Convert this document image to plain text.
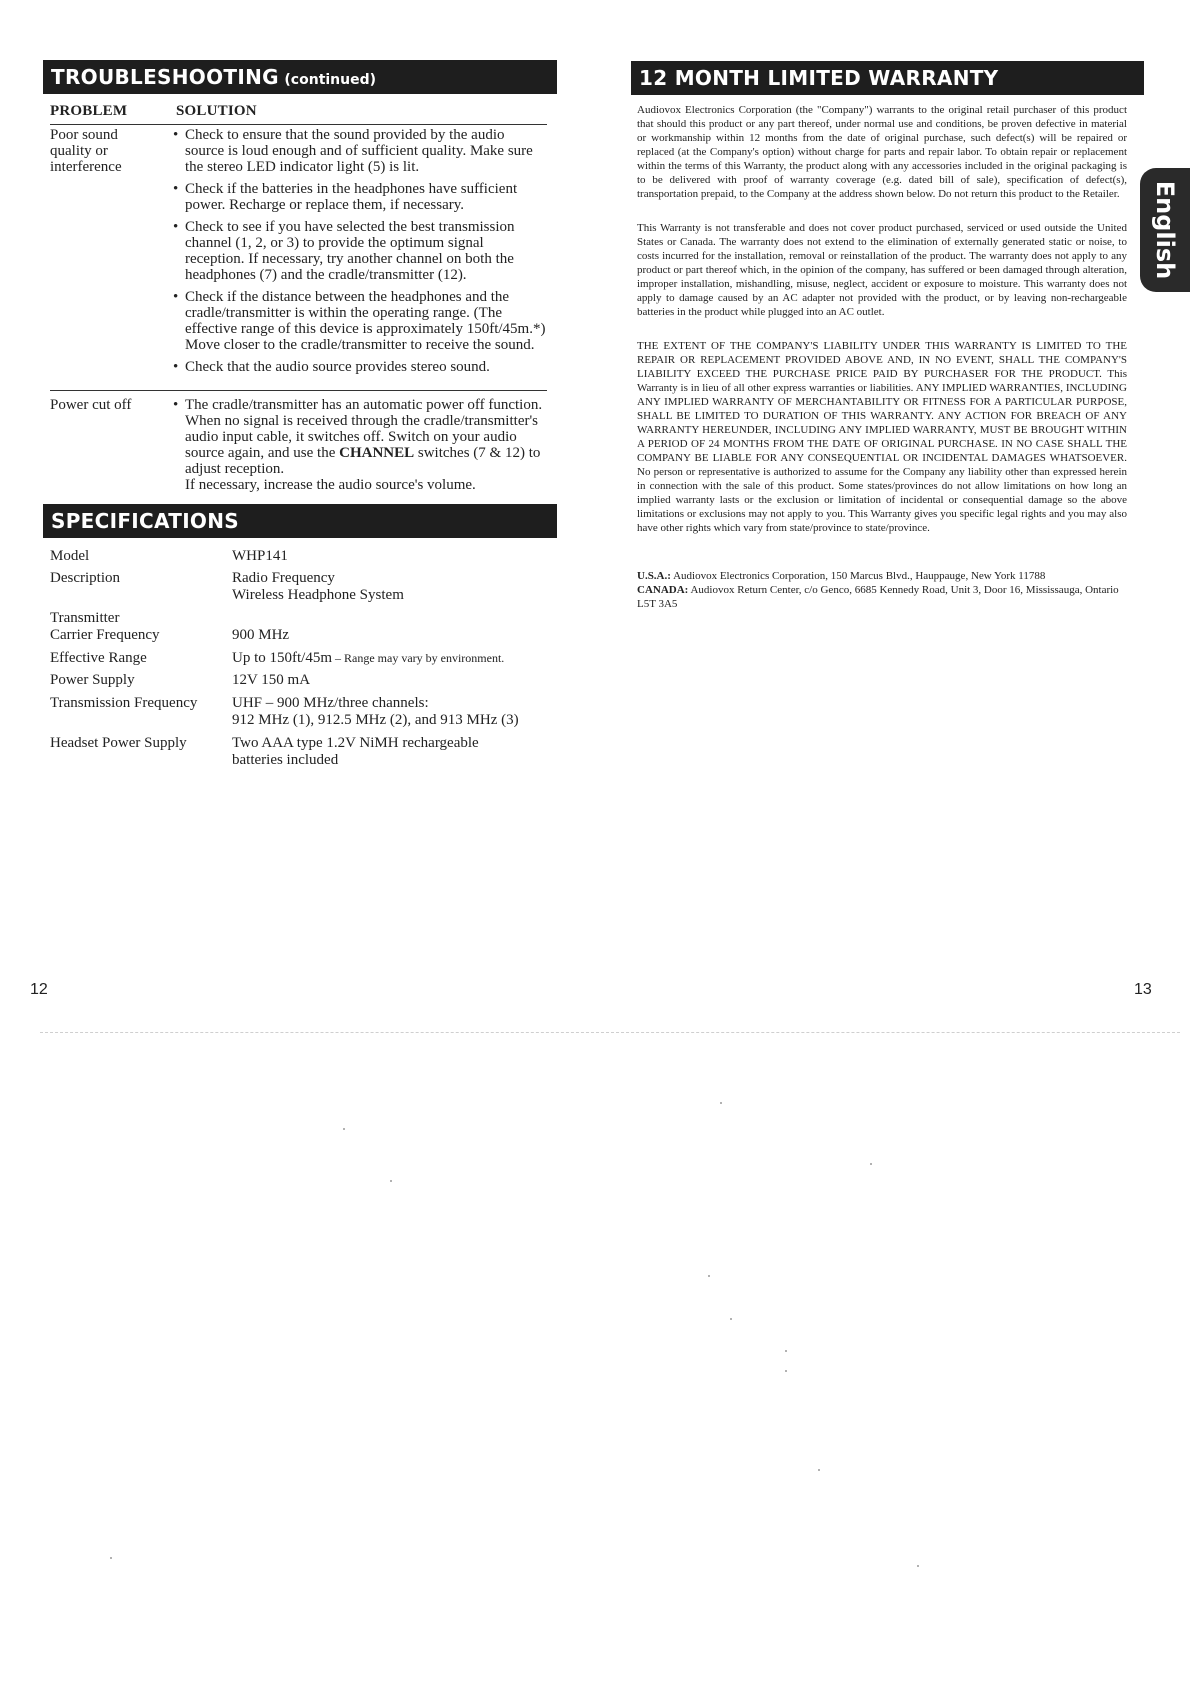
TROUBLESHOOTING (continued)
PROBLEM	SOLUTION
Poor sound
quality or
interference
• Check to ensure that the sound provided by the audio source is loud enough and of sufficient quality. Make sure the stereo LED indicator light (5) is lit.
• Check if the batteries in the headphones have sufficient power. Recharge or replace them, if necessary.
• Check to see if you have selected the best transmission channel (1, 2, or 3) to provide the optimum signal reception. If necessary, try another channel on both the headphones (7) and the cradle/transmitter (12).
• Check if the distance between the headphones and the cradle/transmitter is within the operating range. (The effective range of this device is approximately 150ft/45m.*) Move closer to the cradle/transmitter to receive the sound.
• Check that the audio source provides stereo sound.
Power cut off
•	The cradle/transmitter has an automatic power off function. When no signal is received through the cradle/transmitter's audio input cable, it switches off. Switch on your audio source again, and use the CHANNEL switches (7 & 12) to adjust reception.
If necessary, increase the audio source's volume.
SPECIFICATIONS
Model	WHP141
Description	Radio Frequency
Wireless Headphone System
Transmitter
Carrier Frequency	900 MHz
Effective Range	Up to 150ft/45m – Range may vary by environment.
Power Supply	12V 150 mA
Transmission Frequency	UHF – 900 MHz/three channels:
912 MHz (1), 912.5 MHz (2), and 913 MHz (3)
Headset Power Supply	Two AAA type 1.2V NiMH rechargeable
batteries included
12
12 MONTH LIMITED WARRANTY
Audiovox Electronics Corporation (the "Company") warrants to the original retail purchaser of this product that should this product or any part thereof, under normal use and conditions, be proven defective in material or workmanship within 12 months from the date of original purchase, such defect(s) will be repaired or replaced (at the Company's option) without charge for parts and repair labor. To obtain repair or replacement within the terms of this Warranty, the product along with any accessories included in the original packaging is to be delivered with proof of warranty coverage (e.g. dated bill of sale), specification of defect(s), transportation prepaid, to the Company at the address shown below. Do not return this product to the Retailer.
This Warranty is not transferable and does not cover product purchased, serviced or used outside the United States or Canada. The warranty does not extend to the elimination of externally generated static or noise, to costs incurred for the installation, removal or reinstallation of the product. The warranty does not apply to any product or part thereof which, in the opinion of the company, has suffered or been damaged through alteration, improper installation, mishandling, misuse, neglect, accident or exposure to moisture. This warranty does not apply to damage caused by an AC adapter not provided with the product, or by leaving non-rechargeable batteries in the product while plugged into an AC outlet.
THE EXTENT OF THE COMPANY'S LIABILITY UNDER THIS WARRANTY IS LIMITED TO THE REPAIR OR REPLACEMENT PROVIDED ABOVE AND, IN NO EVENT, SHALL THE COMPANY'S LIABILITY EXCEED THE PURCHASE PRICE PAID BY PURCHASER FOR THE PRODUCT. This Warranty is in lieu of all other express warranties or liabilities. ANY IMPLIED WARRANTIES, INCLUDING ANY IMPLIED WARRANTY OF MERCHANTABILITY OR FITNESS FOR A PARTICULAR PURPOSE, SHALL BE LIMITED TO DURATION OF THIS WARRANTY. ANY ACTION FOR BREACH OF ANY WARRANTY HEREUNDER, INCLUDING ANY IMPLIED WARRANTY, MUST BE BROUGHT WITHIN A PERIOD OF 24 MONTHS FROM THE DATE OF ORIGINAL PURCHASE. IN NO CASE SHALL THE COMPANY BE LIABLE FOR ANY CONSEQUENTIAL OR INCIDENTAL DAMAGES WHATSOEVER. No person or representative is authorized to assume for the Company any liability other than expressed herein in connection with the sale of this product. Some states/provinces do not allow limitations on how long an implied warranty lasts or the exclusion or limitation of incidental or consequential damage so the above limitations or exclusions may not apply to you. This Warranty gives you specific legal rights and you may also have other rights which vary from state/province to state/province.
U.S.A.: Audiovox Electronics Corporation, 150 Marcus Blvd., Hauppauge, New York 11788
CANADA: Audiovox Return Center, c/o Genco, 6685 Kennedy Road, Unit 3, Door 16, Mississauga, Ontario L5T 3A5
English
13
